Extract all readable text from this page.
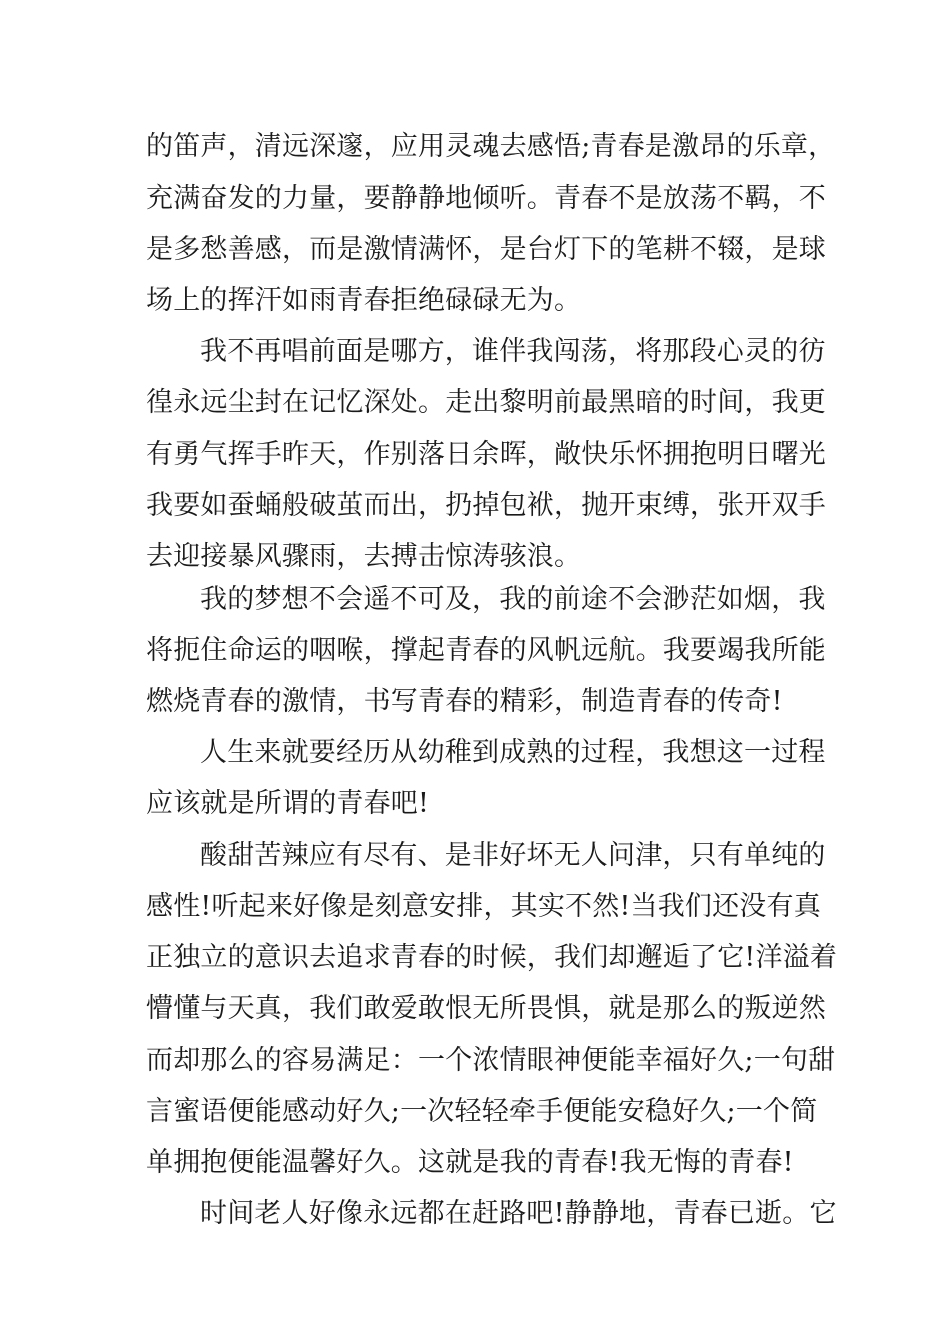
的笛声，清远深邃，应用灵魂去感悟;青春是激昂的乐章，

充满奋发的力量，要静静地倾听。青春不是放荡不羁，不

是多愁善感，而是激情满怀，是台灯下的笔耕不辍，是球

场上的挥汗如雨青春拒绝碌碌无为。

我不再唱前面是哪方，谁伴我闯荡，将那段心灵的彷

徨永远尘封在记忆深处。走出黎明前最黑暗的时间，我更

有勇气挥手昨天，作别落日余晖，敞快乐怀拥抱明日曙光

我要如蚕蛹般破茧而出，扔掉包袱，抛开束缚，张开双手

去迎接暴风骤雨，去搏击惊涛骇浪。

我的梦想不会遥不可及，我的前途不会渺茫如烟，我

将扼住命运的咽喉，撑起青春的风帆远航。我要竭我所能

燃烧青春的激情，书写青春的精彩，制造青春的传奇!

人生来就要经历从幼稚到成熟的过程，我想这一过程

应该就是所谓的青春吧!

酸甜苦辣应有尽有、是非好坏无人问津，只有单纯的

感性!听起来好像是刻意安排，其实不然!当我们还没有真

正独立的意识去追求青春的时候，我们却邂逅了它!洋溢着

懵懂与天真，我们敢爱敢恨无所畏惧，就是那么的叛逆然

而却那么的容易满足：一个浓情眼神便能幸福好久;一句甜

言蜜语便能感动好久;一次轻轻牵手便能安稳好久;一个简

单拥抱便能温馨好久。这就是我的青春!我无悔的青春!

时间老人好像永远都在赶路吧!静静地，青春已逝。它
